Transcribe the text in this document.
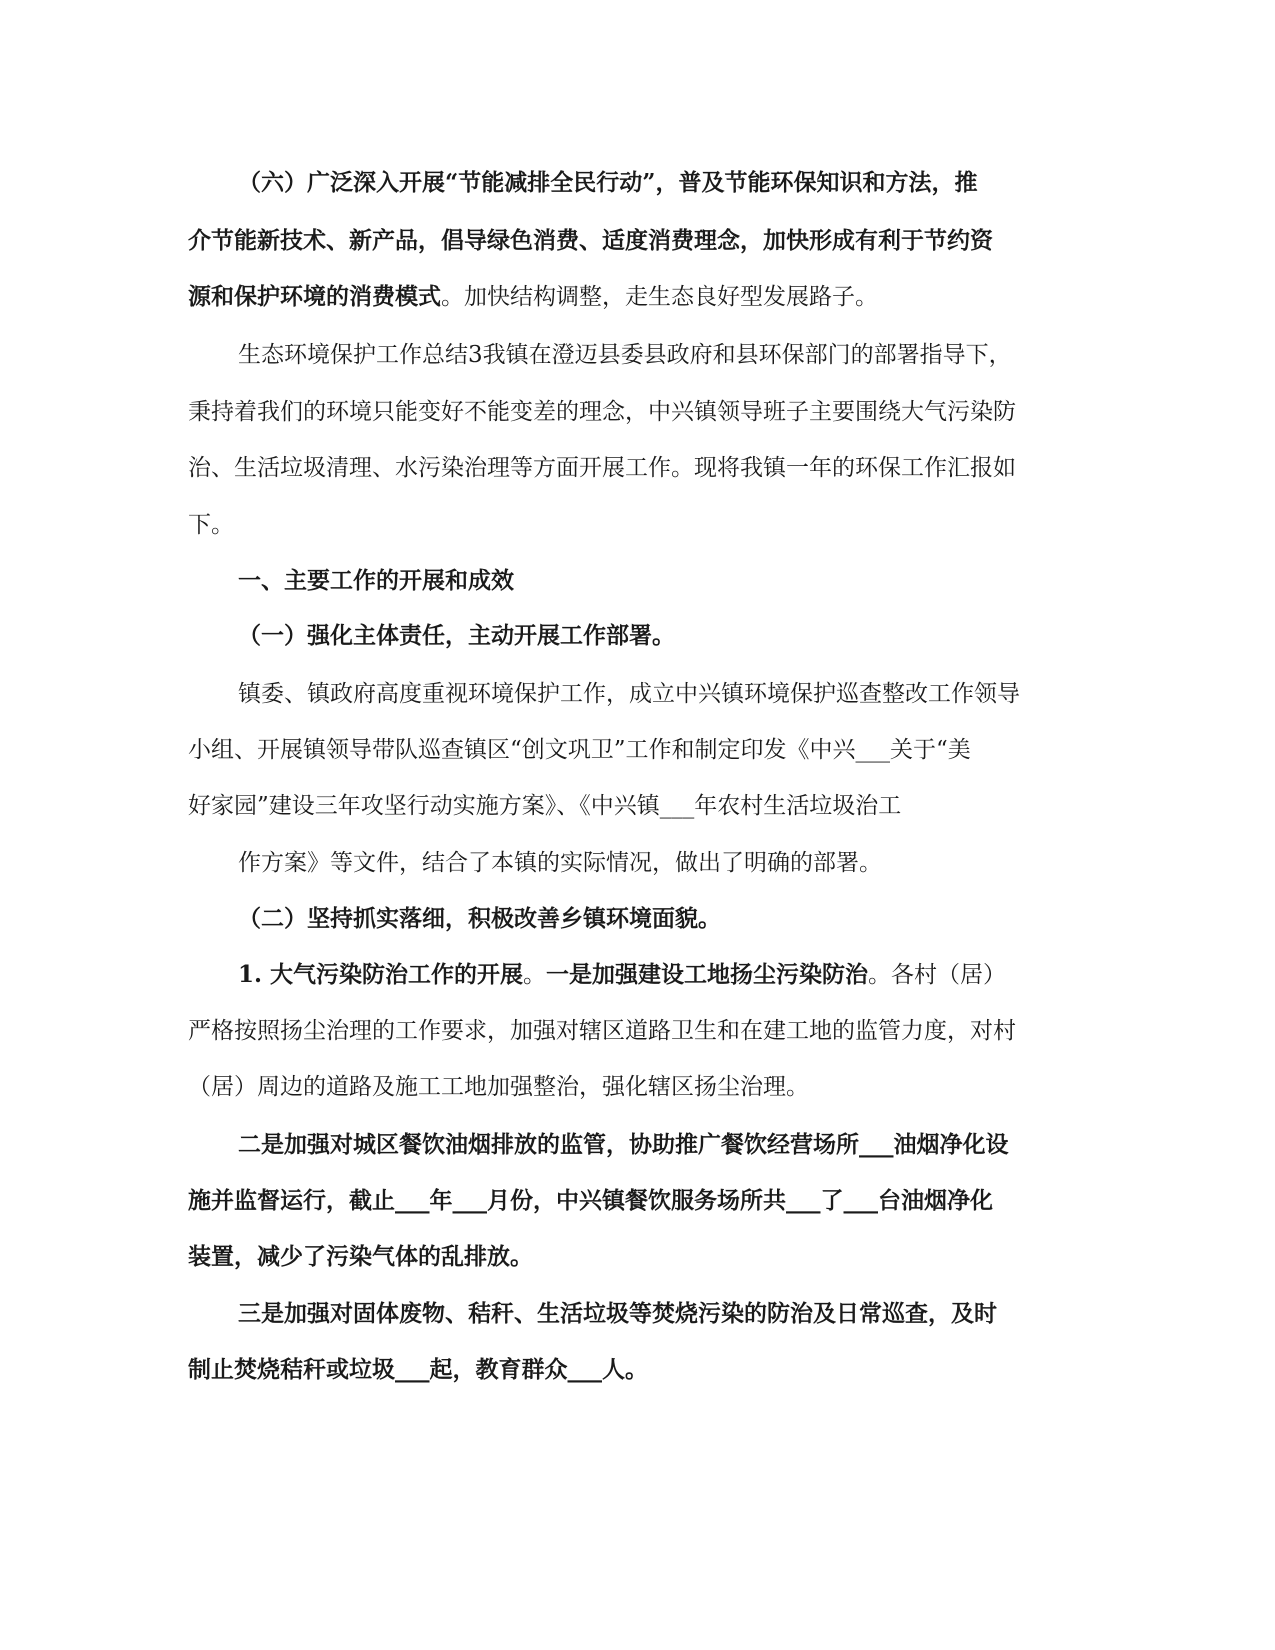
（六）广泛深入开展“节能减排全民行动”，普及节能环保知识和方法，推

介节能新技术、新产品，倡导绿色消费、适度消费理念，加快形成有利于节约资

源和保护环境的消费模式。加快结构调整，走生态良好型发展路子。

生态环境保护工作总结3我镇在澄迈县委县政府和县环保部门的部署指导下，

秉持着我们的环境只能变好不能变差的理念，中兴镇领导班子主要围绕大气污染防

治、生活垃圾清理、水污染治理等方面开展工作。现将我镇一年的环保工作汇报如

下。

一、主要工作的开展和成效

（一）强化主体责任，主动开展工作部署。

镇委、镇政府高度重视环境保护工作，成立中兴镇环境保护巡查整改工作领导

小组、开展镇领导带队巡查镇区“创文巩卫”工作和制定印发《中兴___关于“美

好家园”建设三年攻坚行动实施方案》、《中兴镇___年农村生活垃圾治工

作方案》等文件，结合了本镇的实际情况，做出了明确的部署。

（二）坚持抓实落细，积极改善乡镇环境面貌。

1. 大气污染防治工作的开展。一是加强建设工地扬尘污染防治。各村（居）

严格按照扬尘治理的工作要求，加强对辖区道路卫生和在建工地的监管力度，对村

（居）周边的道路及施工工地加强整治，强化辖区扬尘治理。

二是加强对城区餐饮油烟排放的监管，协助推广餐饮经营场所___油烟净化设

施并监督运行，截止___年___月份，中兴镇餐饮服务场所共___了___台油烟净化

装置，减少了污染气体的乱排放。

三是加强对固体废物、秸秆、生活垃圾等焚烧污染的防治及日常巡查，及时

制止焚烧秸秆或垃圾___起，教育群众___人。
